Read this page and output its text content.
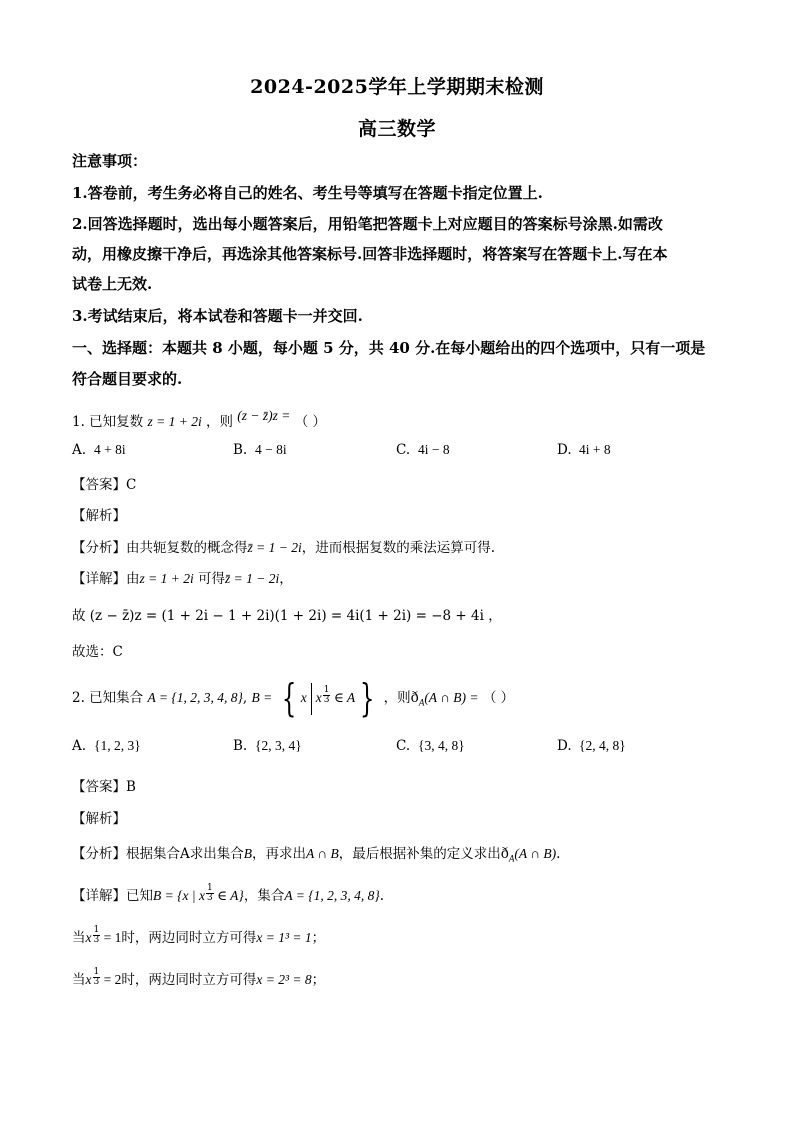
2024-2025学年上学期期末检测
高三数学
注意事项：
1.答卷前，考生务必将自己的姓名、考生号等填写在答题卡指定位置上.
2.回答选择题时，选出每小题答案后，用铅笔把答题卡上对应题目的答案标号涂黑.如需改
动，用橡皮擦干净后，再选涂其他答案标号.回答非选择题时，将答案写在答题卡上.写在本
试卷上无效.
3.考试结束后，将本试卷和答题卡一并交回.
一、选择题：本题共 8 小题，每小题 5 分，共 40 分.在每小题给出的四个选项中，只有一项是
符合题目要求的.
1. 已知复数 z = 1 + 2i ，则 (z − z̄)z = （ ）
A. 4 + 8i	B. 4 − 8i	C. 4i − 8	D. 4i + 8
【答案】C
【解析】
【分析】由共轭复数的概念得z̄ = 1 − 2i，进而根据复数的乘法运算可得.
【详解】由z = 1 + 2i 可得z̄ = 1 − 2i，
故 (z − z̄)z = (1 + 2i − 1 + 2i)(1 + 2i) = 4i(1 + 2i) = −8 + 4i ，
故选：C
2. 已知集合 A = {1, 2, 3, 4, 8}, B = { x x $^{\frac{1}{3}}$ ∈ A } ，则$ð_A(A$ ∩ B) = （ ）
A. {1, 2, 3}	B. {2, 3, 4}	C. {3, 4, 8}	D. {2, 4, 8}
【答案】B
【解析】
【分析】根据集合A求出集合B，再求出A ∩ B，最后根据补集的定义求出$ð_A(A$ ∩ B).
【详解】已知B = {x | x $^{\frac{1}{3}}$ ∈ A}，集合A = {1, 2, 3, 4, 8}.
当x $^{\frac{1}{3}}$ = 1时，两边同时立方可得x = 1³ = 1；
当x $^{\frac{1}{3}}$ = 2时，两边同时立方可得x = 2³ = 8；
